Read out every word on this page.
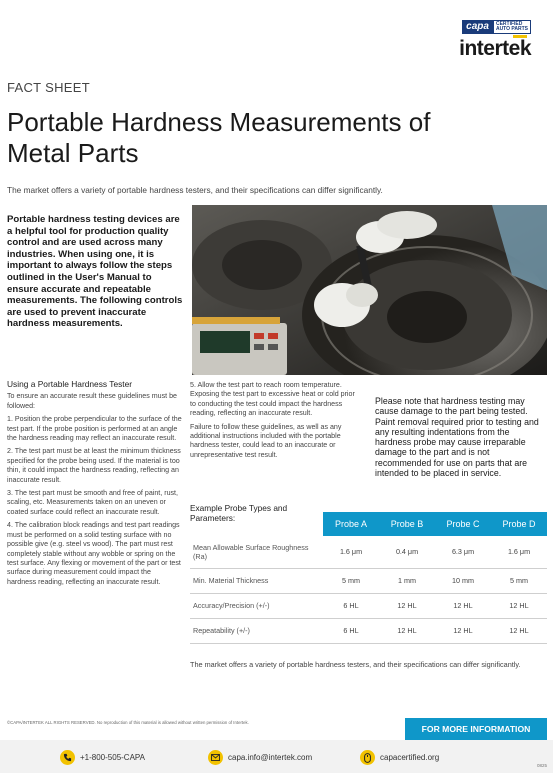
capa	CERTIFIED
AUTO PARTS
intertek
FACT SHEET
Portable Hardness Measurements of Metal Parts
The market offers a variety of portable hardness testers, and their specifications can differ significantly.
Portable hardness testing devices are a helpful tool for production quality control and are used across many industries. When using one, it is important to always follow the steps outlined in the User's Manual to ensure accurate and repeatable measurements. The following controls are used to prevent inaccurate hardness measurements.
Using a Portable Hardness Tester

To ensure an accurate result these guidelines must be followed:

1. Position the probe perpendicular to the surface of the test part. If the probe position is performed at an angle the hardness reading may reflect an inaccurate result.

2. The test part must be at least the minimum thickness specified for the probe being used. If the material is too thin, it could impact the hardness reading, reflecting an inaccurate result.

3. The test part must be smooth and free of paint, rust, scaling, etc. Measurements taken on an uneven or coated surface could reflect an inaccurate result.

4. The calibration block readings and test part readings must be performed on a solid testing surface with no possible give (e.g. steel vs wood). The part must rest completely stable without any wobble or spring on the test surface. Any flexing or movement of the part or test surface during measurement could impact the hardness reading, reflecting an inaccurate result.

5. Allow the test part to reach room temperature. Exposing the test part to excessive heat or cold prior to conducting the test could impact the hardness reading, reflecting an inaccurate result.

Failure to follow these guidelines, as well as any additional instructions included with the portable hardness tester, could lead to an inaccurate or unrepresentative test result.

Please note that hardness testing may cause damage to the part being tested. Paint removal required prior to testing and any resulting indentations from the hardness probe may cause irreparable damage to the part and is not recommended for use on parts that are intended to be placed in service.
Example Probe Types and Parameters:
	Probe A	Probe B	Probe C	Probe D
Mean Allowable Surface Roughness (Ra)	1.6 μm	0.4 μm	6.3 μm	1.6 μm
Min. Material Thickness	5 mm	1 mm	10 mm	5 mm
Accuracy/Precision (+/-)	6 HL	12 HL	12 HL	12 HL
Repeatability (+/-)	6 HL	12 HL	12 HL	12 HL
The market offers a variety of portable hardness testers, and their specifications can differ significantly.
©CAPA/INTERTEK ALL RIGHTS RESERVED. No reproduction of this material is allowed without written permission of Intertek.
FOR MORE INFORMATION
+1-800-505-CAPA	capa.info@intertek.com	capacertified.org
0825
